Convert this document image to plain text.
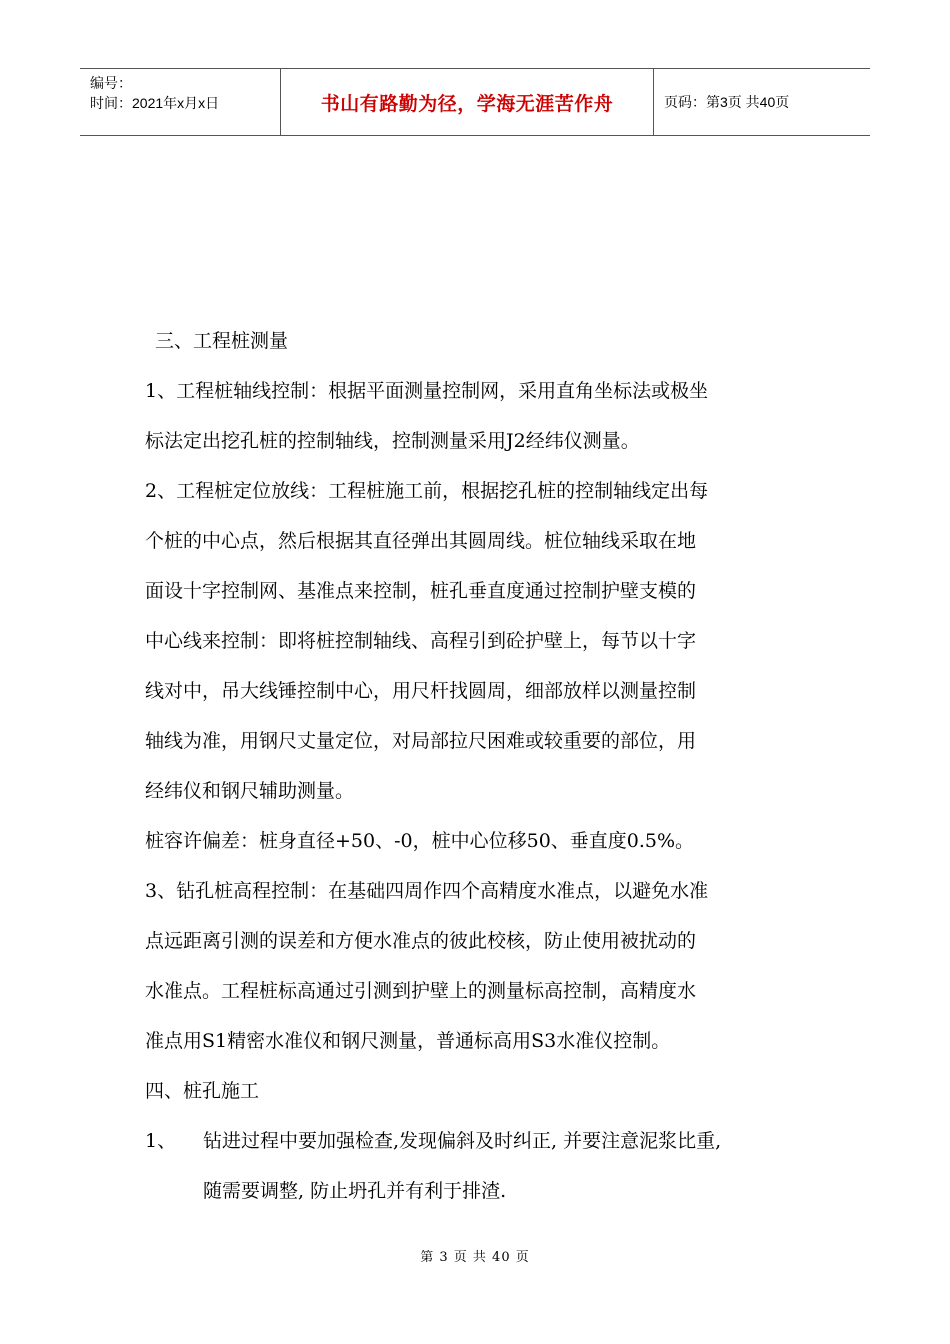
编号：
时间：2021年x月x日	书山有路勤为径，学海无涯苦作舟	页码：第3页 共40页
三、工程桩测量
1、工程桩轴线控制：根据平面测量控制网，采用直角坐标法或极坐
标法定出挖孔桩的控制轴线，控制测量采用J2经纬仪测量。
2、工程桩定位放线：工程桩施工前，根据挖孔桩的控制轴线定出每
个桩的中心点，然后根据其直径弹出其圆周线。桩位轴线采取在地
面设十字控制网、基准点来控制，桩孔垂直度通过控制护壁支模的
中心线来控制：即将桩控制轴线、高程引到砼护壁上，每节以十字
线对中，吊大线锤控制中心，用尺杆找圆周，细部放样以测量控制
轴线为准，用钢尺丈量定位，对局部拉尺困难或较重要的部位，用
经纬仪和钢尺辅助测量。
桩容许偏差：桩身直径+50、-0，桩中心位移50、垂直度0.5%。
3、钻孔桩高程控制：在基础四周作四个高精度水准点，以避免水准
点远距离引测的误差和方便水准点的彼此校核，防止使用被扰动的
水准点。工程桩标高通过引测到护壁上的测量标高控制，高精度水
准点用S1精密水准仪和钢尺测量，普通标高用S3水准仪控制。
四、桩孔施工
1、	钻进过程中要加强检查,发现偏斜及时纠正, 并要注意泥浆比重,
随需要调整, 防止坍孔并有利于排渣.
第 3 页 共 40 页
